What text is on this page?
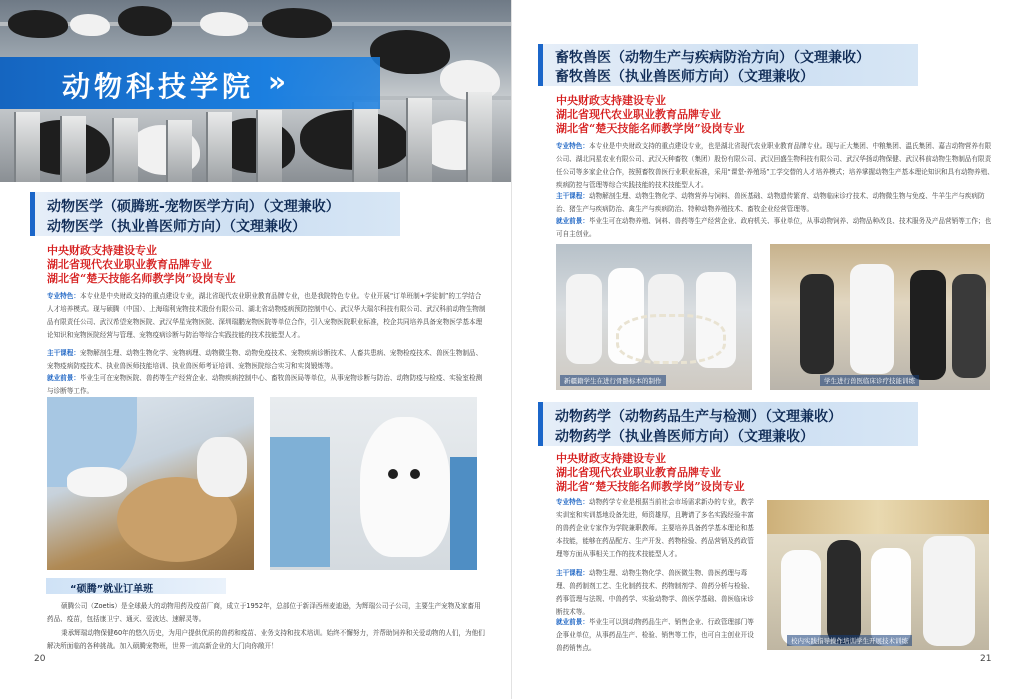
动物科技学院 »
动物医学（硕腾班-宠物医学方向）（文理兼收）
动物医学（执业兽医师方向）（文理兼收）
中央财政支持建设专业
湖北省现代农业职业教育品牌专业
湖北省“楚天技能名师教学岗”设岗专业
专业特色：本专业是中央财政支持的重点建设专业，湖北省现代农业职业教育品牌专业，也是我院特色专业。专业开展“订单班制+学徒制”的工学结合人才培养模式。现与硕腾（中国）、上海瑞利宠物技术股份有限公司、湖北省动物疫病预防控制中心、武汉华大瑞尔科技有限公司、武汉科前动物生物制品有限责任公司、武汉希望宠物医院、武汉华星宠物医院、深圳瑞鹏宠物医院等单位合作，引入宠物医院职业标准，校企共同培养具备宠物医学基本理论知识和宠物医院经营与管理、宠物疫病诊断与防治等综合实践技能的技术技能型人才。
主干课程：宠物解剖生理、动物生物化学、宠物病理、动物微生物、动物免疫技术、宠物疾病诊断技术、人畜共患病、宠物检疫技术、兽医生物制品、宠物疫病防疫技术、执业兽医师技能培训、执业兽医师考证培训、宠物医院综合实习和实岗锻炼等。
就业前景：毕业生可在宠物医院、兽药等生产经营企业、动物疾病控制中心、畜牧兽医局等单位，从事宠物诊断与防治、动物防疫与检疫、实验室检测与诊断等工作。
“硕腾”就业订单班
硕腾公司（Zoetis）是全球最大的动物用药及疫苗厂商，成立于1952年，总部位于新泽西州麦迪逊，为辉瑞公司子公司，主要生产宠物及家畜用药品、疫苗，包括康卫宁、通灭、爱波达、速解灵等。
秉承辉瑞动物保健60年的悠久历史，为用户提供优质的兽药和疫苗、业务支持和技术培训。始终不懈努力，并帮助饲养和关爱动物的人们，为他们解决所面临的各种挑战。加入硕腾宠物班，世界一流高新企业的大门向你敞开！
20
畜牧兽医（动物生产与疾病防治方向）（文理兼收）
畜牧兽医（执业兽医师方向）（文理兼收）
中央财政支持建设专业
湖北省现代农业职业教育品牌专业
湖北省“楚天技能名师教学岗”设岗专业
专业特色：本专业是中央财政支持的重点建设专业，也是湖北省现代农业职业教育品牌专业。现与正大集团、中粮集团、温氏集团、嘉吉动物营养有限公司、湖北同星农业有限公司、武汉天种畜牧（集团）股份有限公司、武汉回盛生物科技有限公司、武汉华扬动物保健、武汉科前动物生物制品有限责任公司等多家企业合作，按照畜牧兽医行业职业标准，采用“课堂-养殖场”工学交替的人才培养模式；培养掌握动物生产基本理论知识和具有动物养殖、疾病防控与管理等综合实践技能的技术技能型人才。
主干课程：动物解剖生理、动物生物化学、动物营养与饲料、兽医基础、动物遗传繁育、动物临床诊疗技术、动物微生物与免疫、牛羊生产与疾病防治、猪生产与疾病防治、禽生产与疾病防治、特种动物养殖技术、畜牧企业经营管理等。
就业前景：毕业生可在动物养殖、饲料、兽药等生产经营企业、政府机关、事业单位，从事动物饲养、动物品种改良、技术服务及产品营销等工作；也可自主创业。
新疆籍学生在进行骨骼标本的制作	学生进行兽医临床诊疗技能训练
动物药学（动物药品生产与检测）（文理兼收）
动物药学（执业兽医师方向）（文理兼收）
中央财政支持建设专业
湖北省现代农业职业教育品牌专业
湖北省“楚天技能名师教学岗”设岗专业
专业特色：动物药学专业是根据当前社会市场需求新办的专业，教学实训室和实训基地设备先进，师资雄厚，且聘请了多名实践经验丰富的兽药企业专家作为学院兼职教师。主要培养具备药学基本理论和基本技能，能够在药品配方、生产开发、药物检验、药品营销及药政管理等方面从事相关工作的技术技能型人才。
主干课程：动物生理、动物生物化学、兽医微生物、兽医药理与毒理、兽药制剂工艺、生化制药技术、药物制剂学、兽药分析与检验、药事管理与法规、中兽药学、实验动物学、兽医学基础、兽医临床诊断技术等。
就业前景：毕业生可以到动物药品生产、销售企业、行政管理部门等企事业单位，从事药品生产、检验、销售等工作，也可自主创业开设兽药销售点。
校内实践指导操作培训学生开展技术训练
21
